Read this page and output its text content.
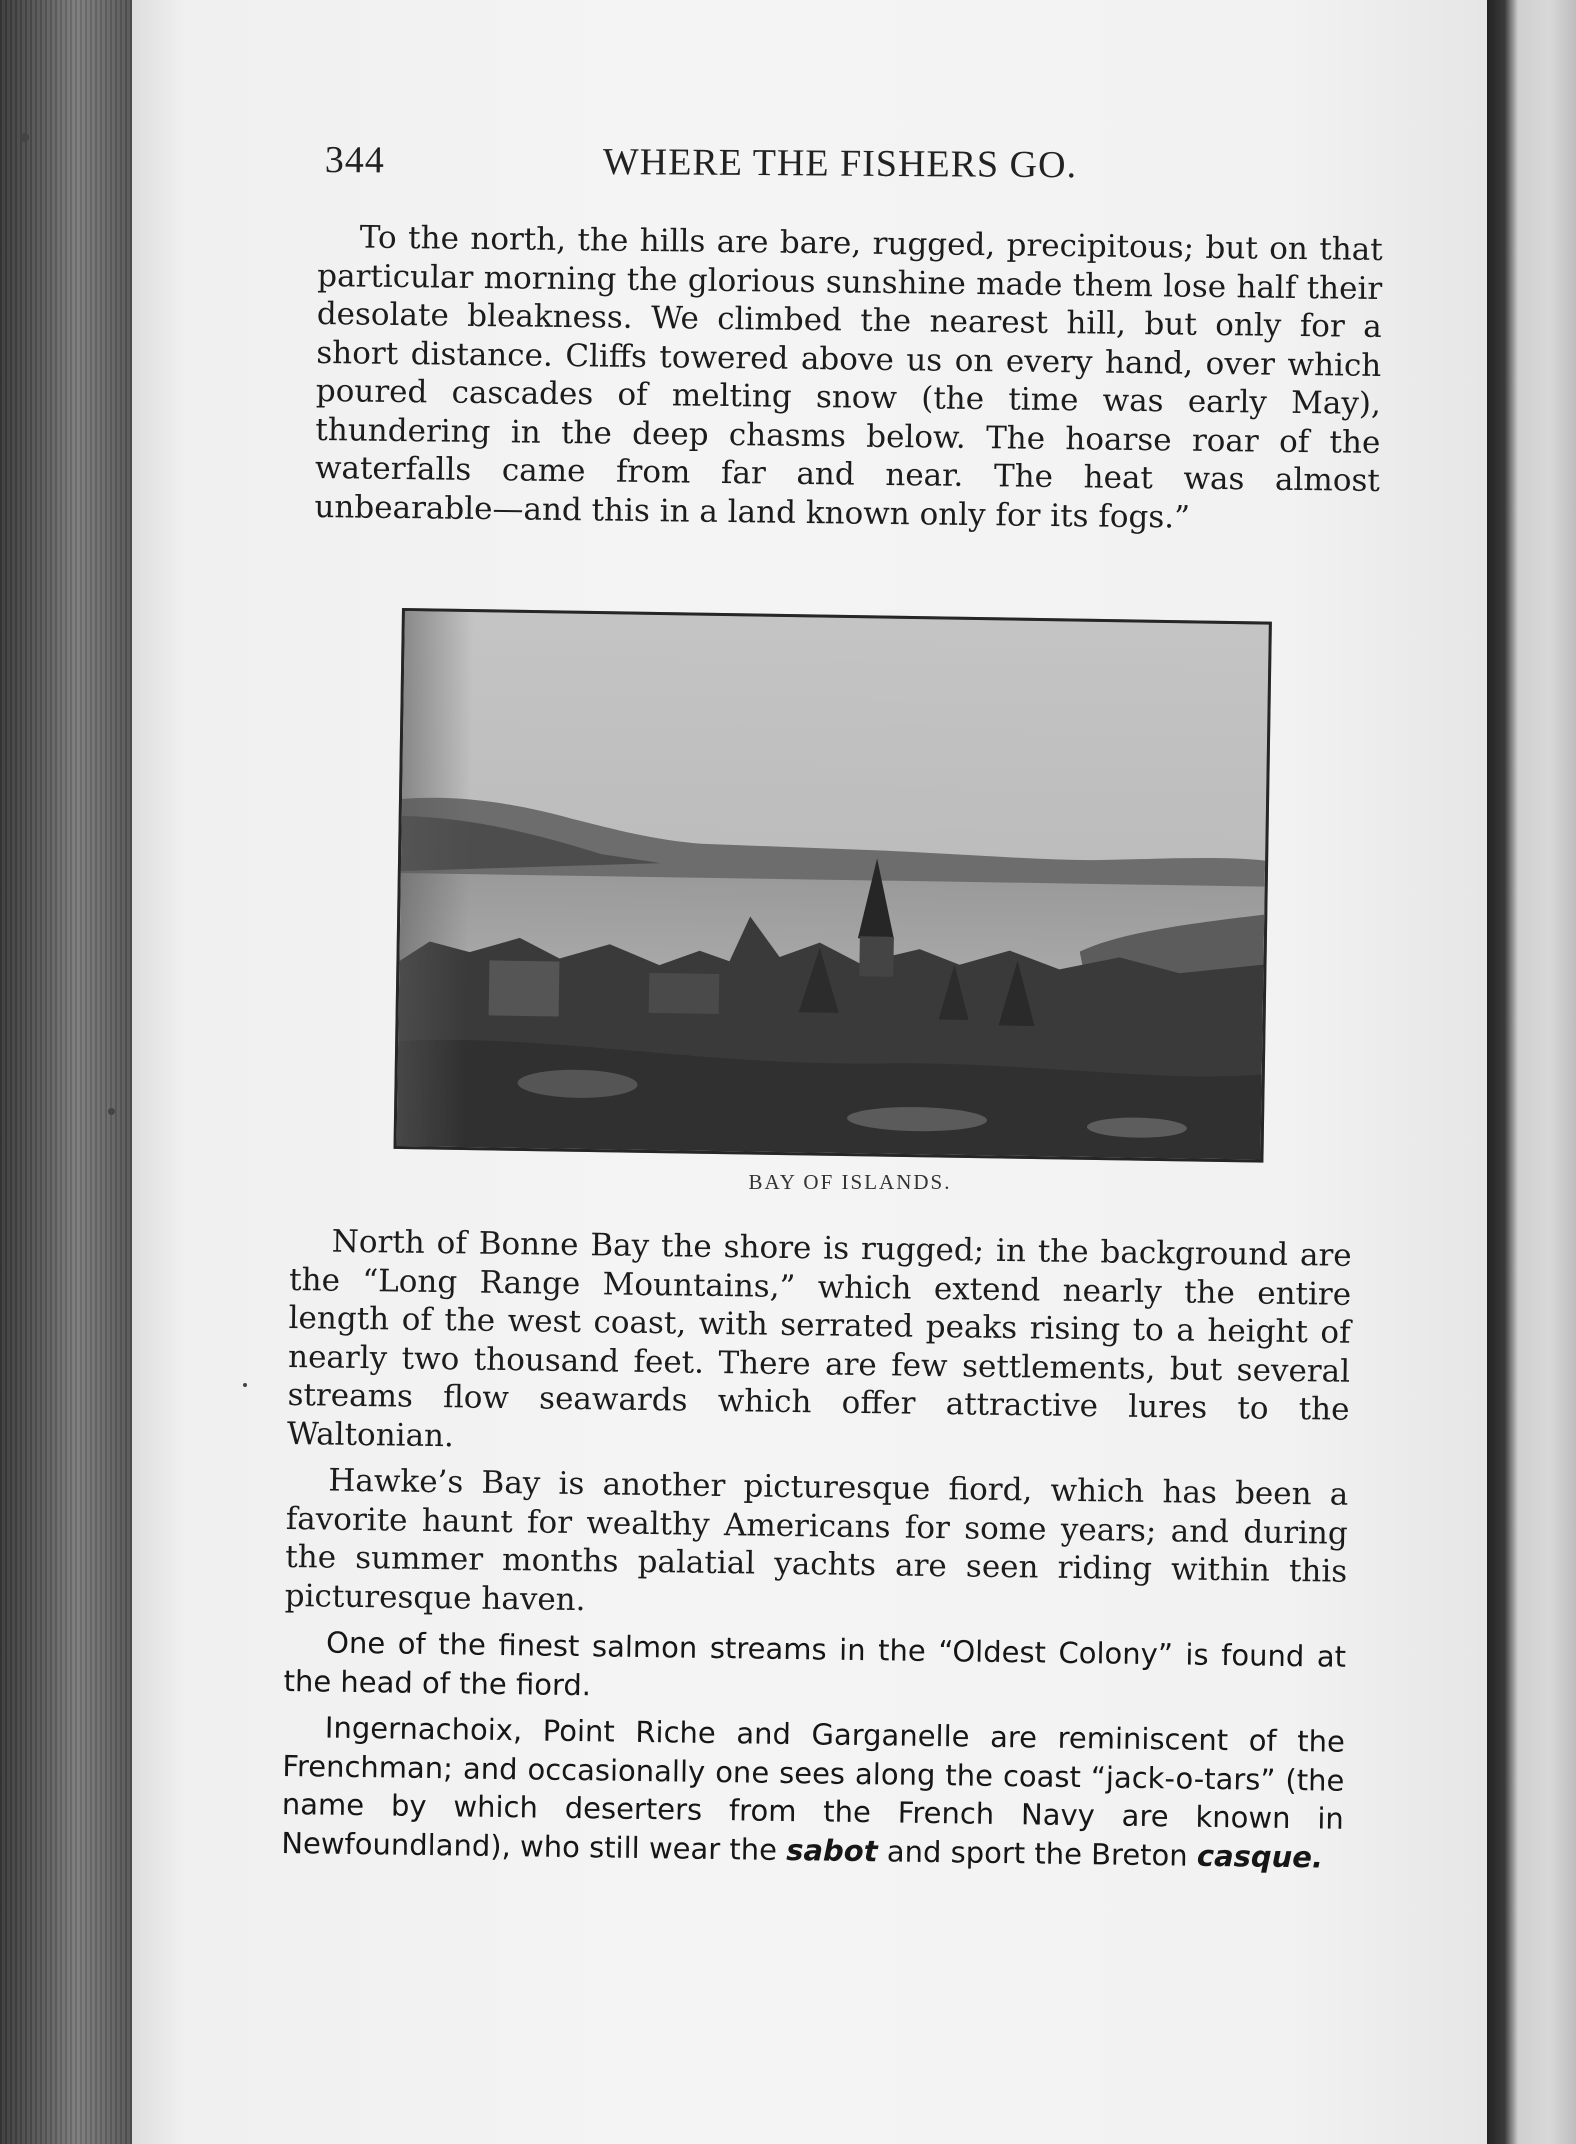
344	WHERE THE FISHERS GO.
To the north, the hills are bare, rugged, precipitous; but on that particular morning the glorious sunshine made them lose half their desolate bleakness. We climbed the nearest hill, but only for a short distance. Cliffs towered above us on every hand, over which poured cascades of melting snow (the time was early May), thundering in the deep chasms below. The hoarse roar of the waterfalls came from far and near. The heat was almost unbearable—and this in a land known only for its fogs.”
BAY OF ISLANDS.

North of Bonne Bay the shore is rugged; in the background are the “Long Range Mountains,” which extend nearly the entire length of the west coast, with serrated peaks rising to a height of nearly two thousand feet. There are few settlements, but several streams flow seawards which offer attractive lures to the Waltonian.

Hawke’s Bay is another picturesque fiord, which has been a favorite haunt for wealthy Americans for some years; and during the summer months palatial yachts are seen riding within this picturesque haven.

One of the finest salmon streams in the “Oldest Colony” is found at the head of the fiord.

Ingernachoix, Point Riche and Garganelle are reminiscent of the Frenchman; and occasionally one sees along the coast “jack-o-tars” (the name by which deserters from the French Navy are known in Newfoundland), who still wear the sabot and sport the Breton casque.
